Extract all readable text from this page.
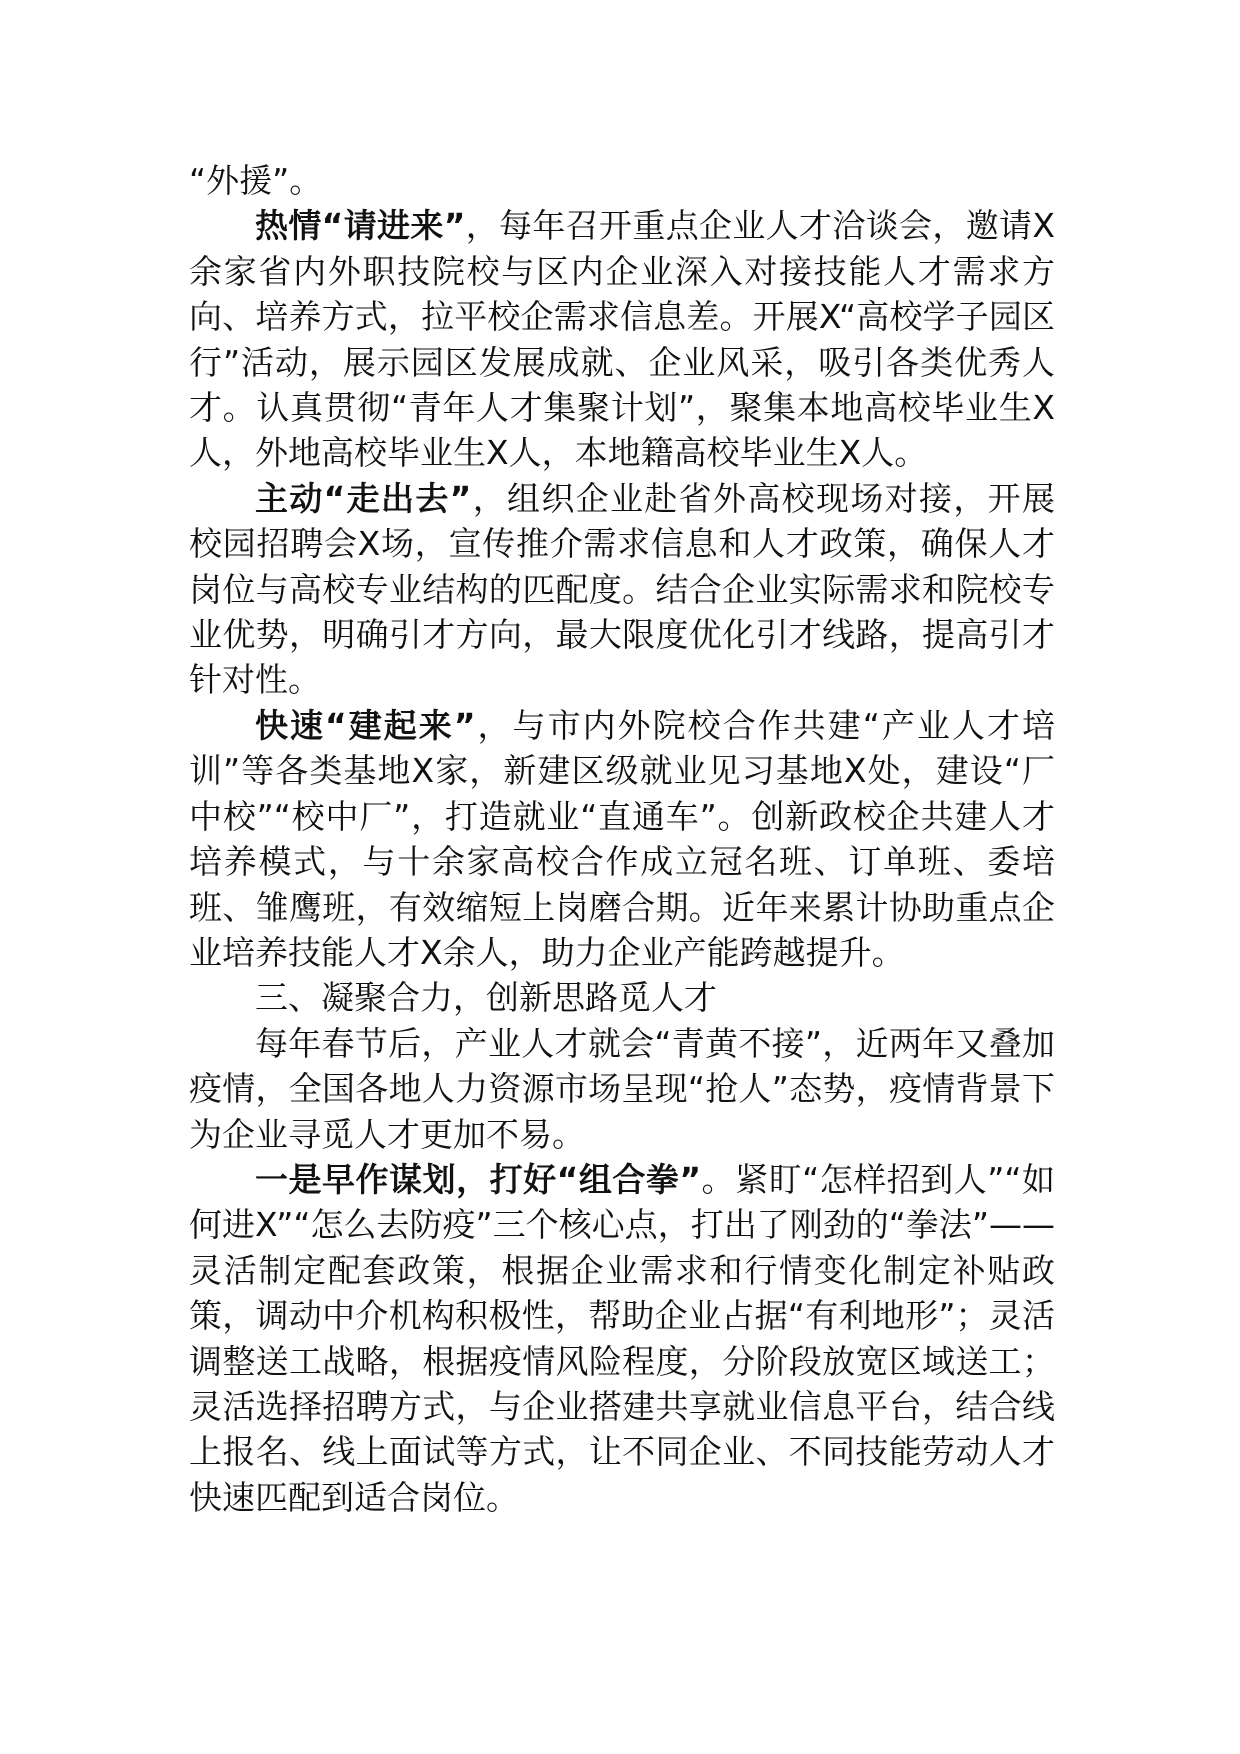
“外援”。

热情“请进来”，每年召开重点企业人才洽谈会，邀请X余家省内外职技院校与区内企业深入对接技能人才需求方向、培养方式，拉平校企需求信息差。开展X“高校学子园区行”活动，展示园区发展成就、企业风采，吸引各类优秀人才。认真贯彻“青年人才集聚计划”，聚集本地高校毕业生X人，外地高校毕业生X人，本地籍高校毕业生X人。

主动“走出去”，组织企业赴省外高校现场对接，开展校园招聘会X场，宣传推介需求信息和人才政策，确保人才岗位与高校专业结构的匹配度。结合企业实际需求和院校专业优势，明确引才方向，最大限度优化引才线路，提高引才针对性。

快速“建起来”，与市内外院校合作共建“产业人才培训”等各类基地X家，新建区级就业见习基地X处，建设“厂中校”“校中厂”，打造就业“直通车”。创新政校企共建人才培养模式，与十余家高校合作成立冠名班、订单班、委培班、雏鹰班，有效缩短上岗磨合期。近年来累计协助重点企业培养技能人才X余人，助力企业产能跨越提升。

三、凝聚合力，创新思路觅人才

每年春节后，产业人才就会“青黄不接”，近两年又叠加疫情，全国各地人力资源市场呈现“抢人”态势，疫情背景下为企业寻觅人才更加不易。

一是早作谋划，打好“组合拳”。紧盯“怎样招到人”“如何进X”“怎么去防疫”三个核心点，打出了刚劲的“拳法”——灵活制定配套政策，根据企业需求和行情变化制定补贴政策，调动中介机构积极性，帮助企业占据“有利地形”；灵活调整送工战略，根据疫情风险程度，分阶段放宽区域送工；灵活选择招聘方式，与企业搭建共享就业信息平台，结合线上报名、线上面试等方式，让不同企业、不同技能劳动人才快速匹配到适合岗位。
